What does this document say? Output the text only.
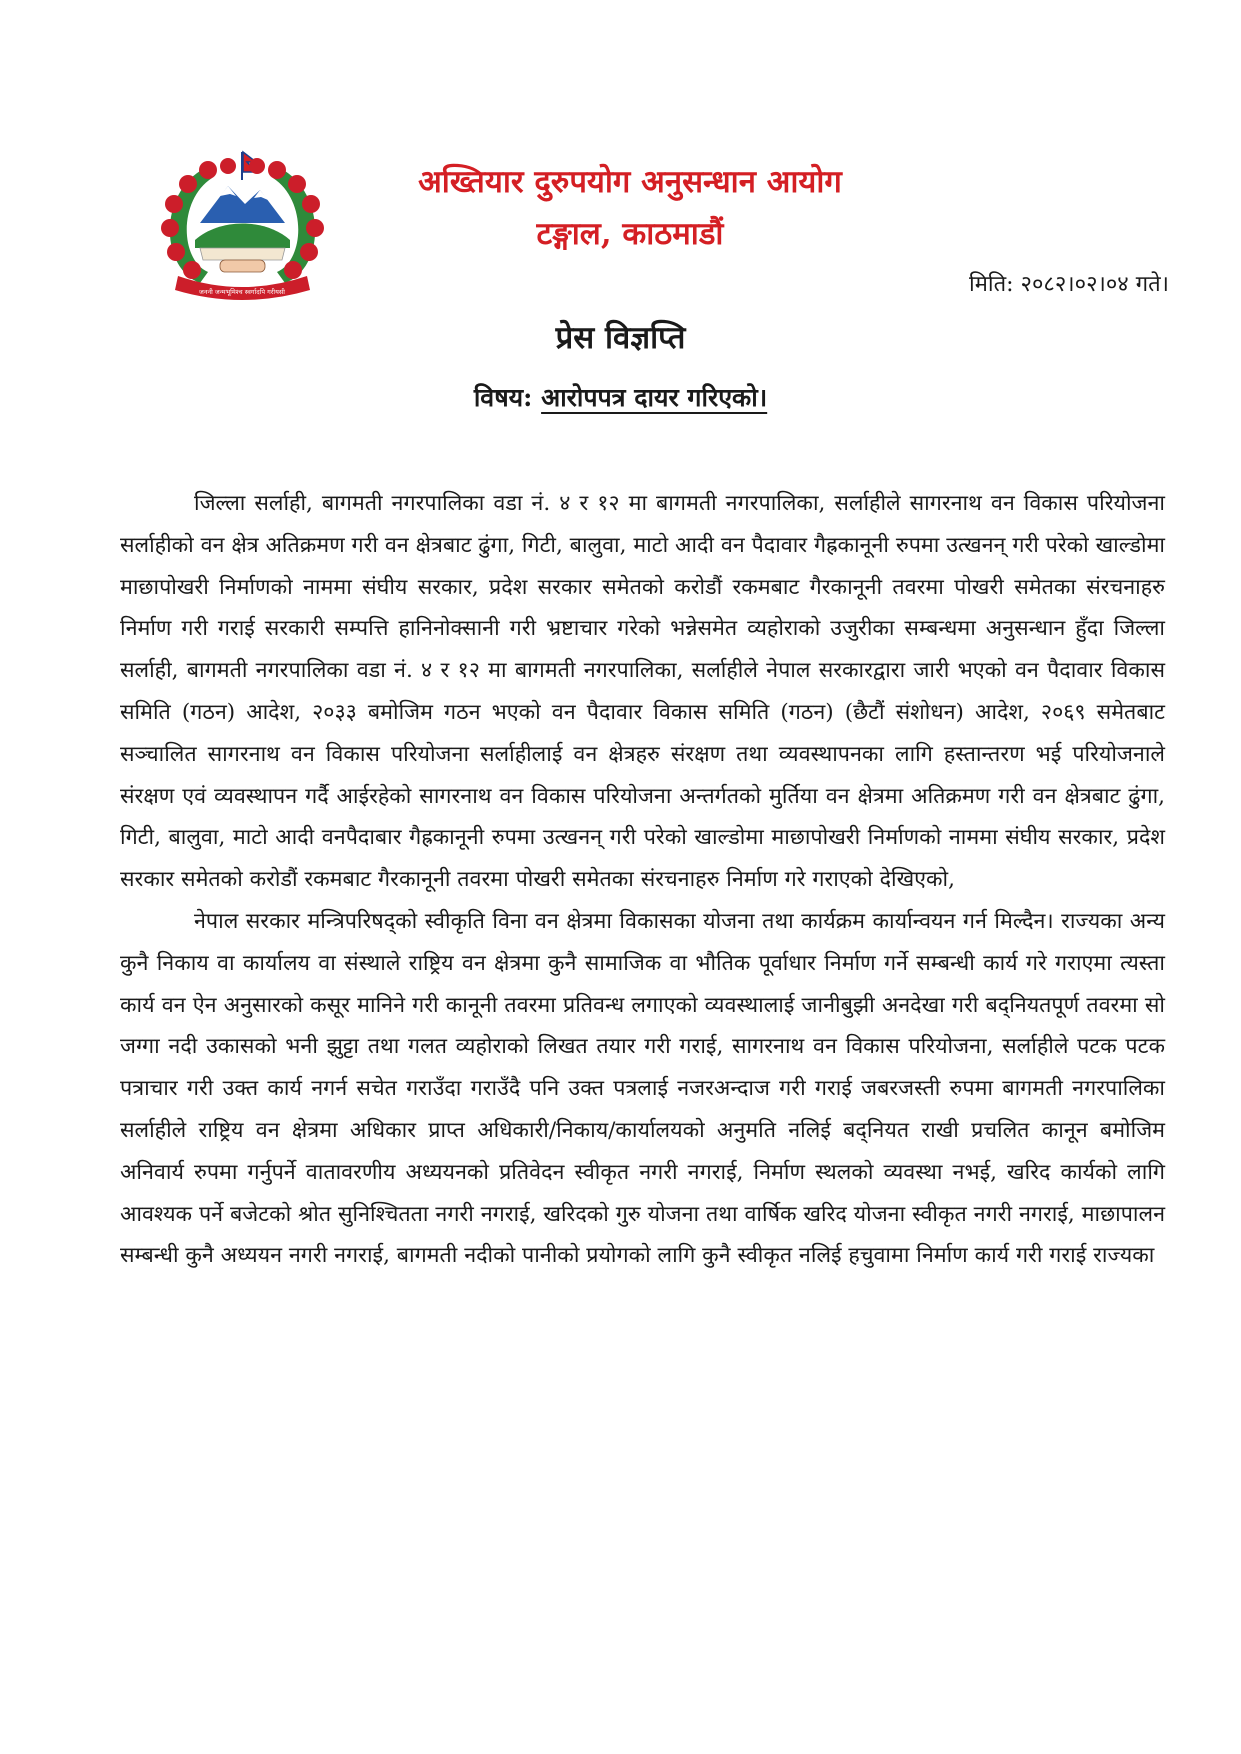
जननी जन्मभूमिश्च स्वर्गादपि गरीयसी
अख्तियार दुरुपयोग अनुसन्धान आयोग
टङ्गाल, काठमाडौं
मिति: २०८२।०२।०४ गते।
प्रेस विज्ञप्ति
विषय: आरोपपत्र दायर गरिएको।

जिल्ला सर्लाही, बागमती नगरपालिका वडा नं. ४ र १२ मा बागमती नगरपालिका, सर्लाहीले सागरनाथ वन विकास परियोजना सर्लाहीको वन क्षेत्र अतिक्रमण गरी वन क्षेत्रबाट ढुंगा, गिटी, बालुवा, माटो आदी वन पैदावार गैह्रकानूनी रुपमा उत्खनन् गरी परेको खाल्डोमा माछापोखरी निर्माणको नाममा संघीय सरकार, प्रदेश सरकार समेतको करोडौं रकमबाट गैरकानूनी तवरमा पोखरी समेतका संरचनाहरु निर्माण गरी गराई सरकारी सम्पत्ति हानिनोक्सानी गरी भ्रष्टाचार गरेको भन्नेसमेत व्यहोराको उजुरीका सम्बन्धमा अनुसन्धान हुँदा जिल्ला सर्लाही, बागमती नगरपालिका वडा नं. ४ र १२ मा बागमती नगरपालिका, सर्लाहीले नेपाल सरकारद्वारा जारी भएको वन पैदावार विकास समिति (गठन) आदेश, २०३३ बमोजिम गठन भएको वन पैदावार विकास समिति (गठन) (छैटौं संशोधन) आदेश, २०६९ समेतबाट सञ्चालित सागरनाथ वन विकास परियोजना सर्लाहीलाई वन क्षेत्रहरु संरक्षण तथा व्यवस्थापनका लागि हस्तान्तरण भई परियोजनाले संरक्षण एवं व्यवस्थापन गर्दै आईरहेको सागरनाथ वन विकास परियोजना अन्तर्गतको मुर्तिया वन क्षेत्रमा अतिक्रमण गरी वन क्षेत्रबाट ढुंगा, गिटी, बालुवा, माटो आदी वनपैदाबार गैह्रकानूनी रुपमा उत्खनन् गरी परेको खाल्डोमा माछापोखरी निर्माणको नाममा संघीय सरकार, प्रदेश सरकार समेतको करोडौं रकमबाट गैरकानूनी तवरमा पोखरी समेतका संरचनाहरु निर्माण गरे गराएको देखिएको,

नेपाल सरकार मन्त्रिपरिषद्को स्वीकृति विना वन क्षेत्रमा विकासका योजना तथा कार्यक्रम कार्यान्वयन गर्न मिल्दैन। राज्यका अन्य कुनै निकाय वा कार्यालय वा संस्थाले राष्ट्रिय वन क्षेत्रमा कुनै सामाजिक वा भौतिक पूर्वाधार निर्माण गर्ने सम्बन्धी कार्य गरे गराएमा त्यस्ता कार्य वन ऐन अनुसारको कसूर मानिने गरी कानूनी तवरमा प्रतिवन्ध लगाएको व्यवस्थालाई जानीबुझी अनदेखा गरी बद्नियतपूर्ण तवरमा सो जग्गा नदी उकासको भनी झुट्टा तथा गलत व्यहोराको लिखत तयार गरी गराई, सागरनाथ वन विकास परियोजना, सर्लाहीले पटक पटक पत्राचार गरी उक्त कार्य नगर्न सचेत गराउँदा गराउँदै पनि उक्त पत्रलाई नजरअन्दाज गरी गराई जबरजस्ती रुपमा बागमती नगरपालिका सर्लाहीले राष्ट्रिय वन क्षेत्रमा अधिकार प्राप्त अधिकारी/निकाय/कार्यालयको अनुमति नलिई बद्नियत राखी प्रचलित कानून बमोजिम अनिवार्य रुपमा गर्नुपर्ने वातावरणीय अध्ययनको प्रतिवेदन स्वीकृत नगरी नगराई, निर्माण स्थलको व्यवस्था नभई, खरिद कार्यको लागि आवश्यक पर्ने बजेटको श्रोत सुनिश्चितता नगरी नगराई, खरिदको गुरु योजना तथा वार्षिक खरिद योजना स्वीकृत नगरी नगराई, माछापालन सम्बन्धी कुनै अध्ययन नगरी नगराई, बागमती नदीको पानीको प्रयोगको लागि कुनै स्वीकृत नलिई हचुवामा निर्माण कार्य गरी गराई राज्यका
